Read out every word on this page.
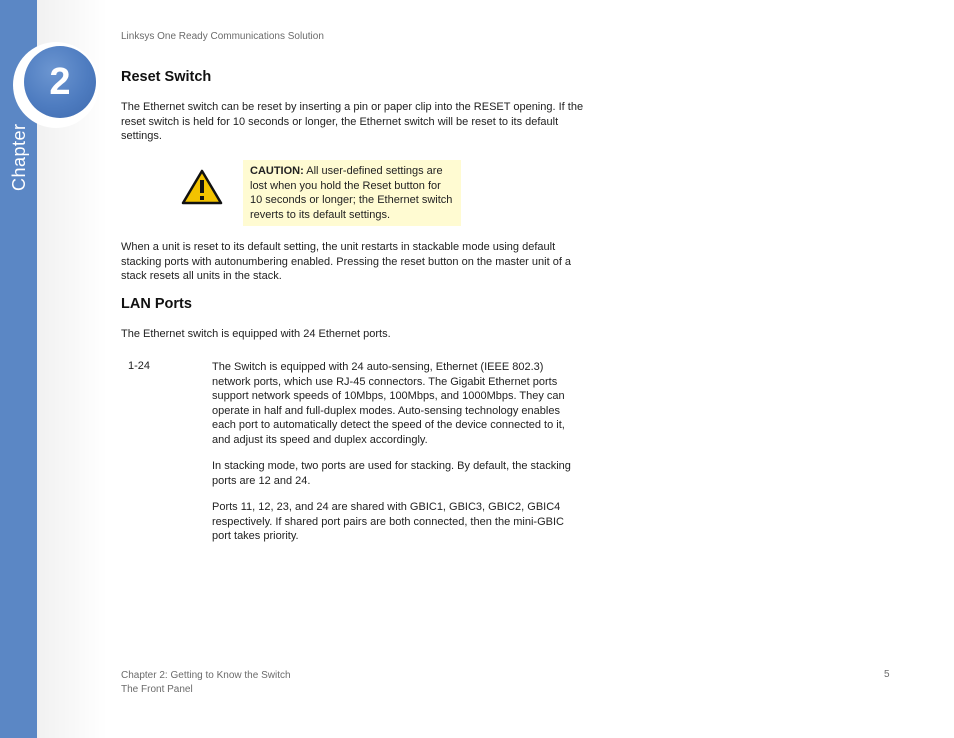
Chapter
2
Linksys One Ready Communications Solution
Reset Switch
The Ethernet switch can be reset by inserting a pin or paper clip into the RESET opening. If the reset switch is held for 10 seconds or longer, the Ethernet switch will be reset to its default settings.
CAUTION: All user-defined settings are lost when you hold the Reset button for 10 seconds or longer; the Ethernet switch reverts to its default settings.
When a unit is reset to its default setting, the unit restarts in stackable mode using default stacking ports with autonumbering enabled. Pressing the reset button on the master unit of a stack resets all units in the stack.
LAN Ports
The Ethernet switch is equipped with 24 Ethernet ports.
1-24	The Switch is equipped with 24 auto-sensing, Ethernet (IEEE 802.3) network ports, which use RJ-45 connectors. The Gigabit Ethernet ports support network speeds of 10Mbps, 100Mbps, and 1000Mbps. They can operate in half and full-duplex modes. Auto-sensing technology enables each port to automatically detect the speed of the device connected to it, and adjust its speed and duplex accordingly.
In stacking mode, two ports are used for stacking. By default, the stacking ports are 12 and 24.
Ports 11, 12, 23, and 24 are shared with GBIC1, GBIC3, GBIC2, GBIC4 respectively. If shared port pairs are both connected, then the mini-GBIC port takes priority.
Chapter 2: Getting to Know the Switch
The Front Panel
5
